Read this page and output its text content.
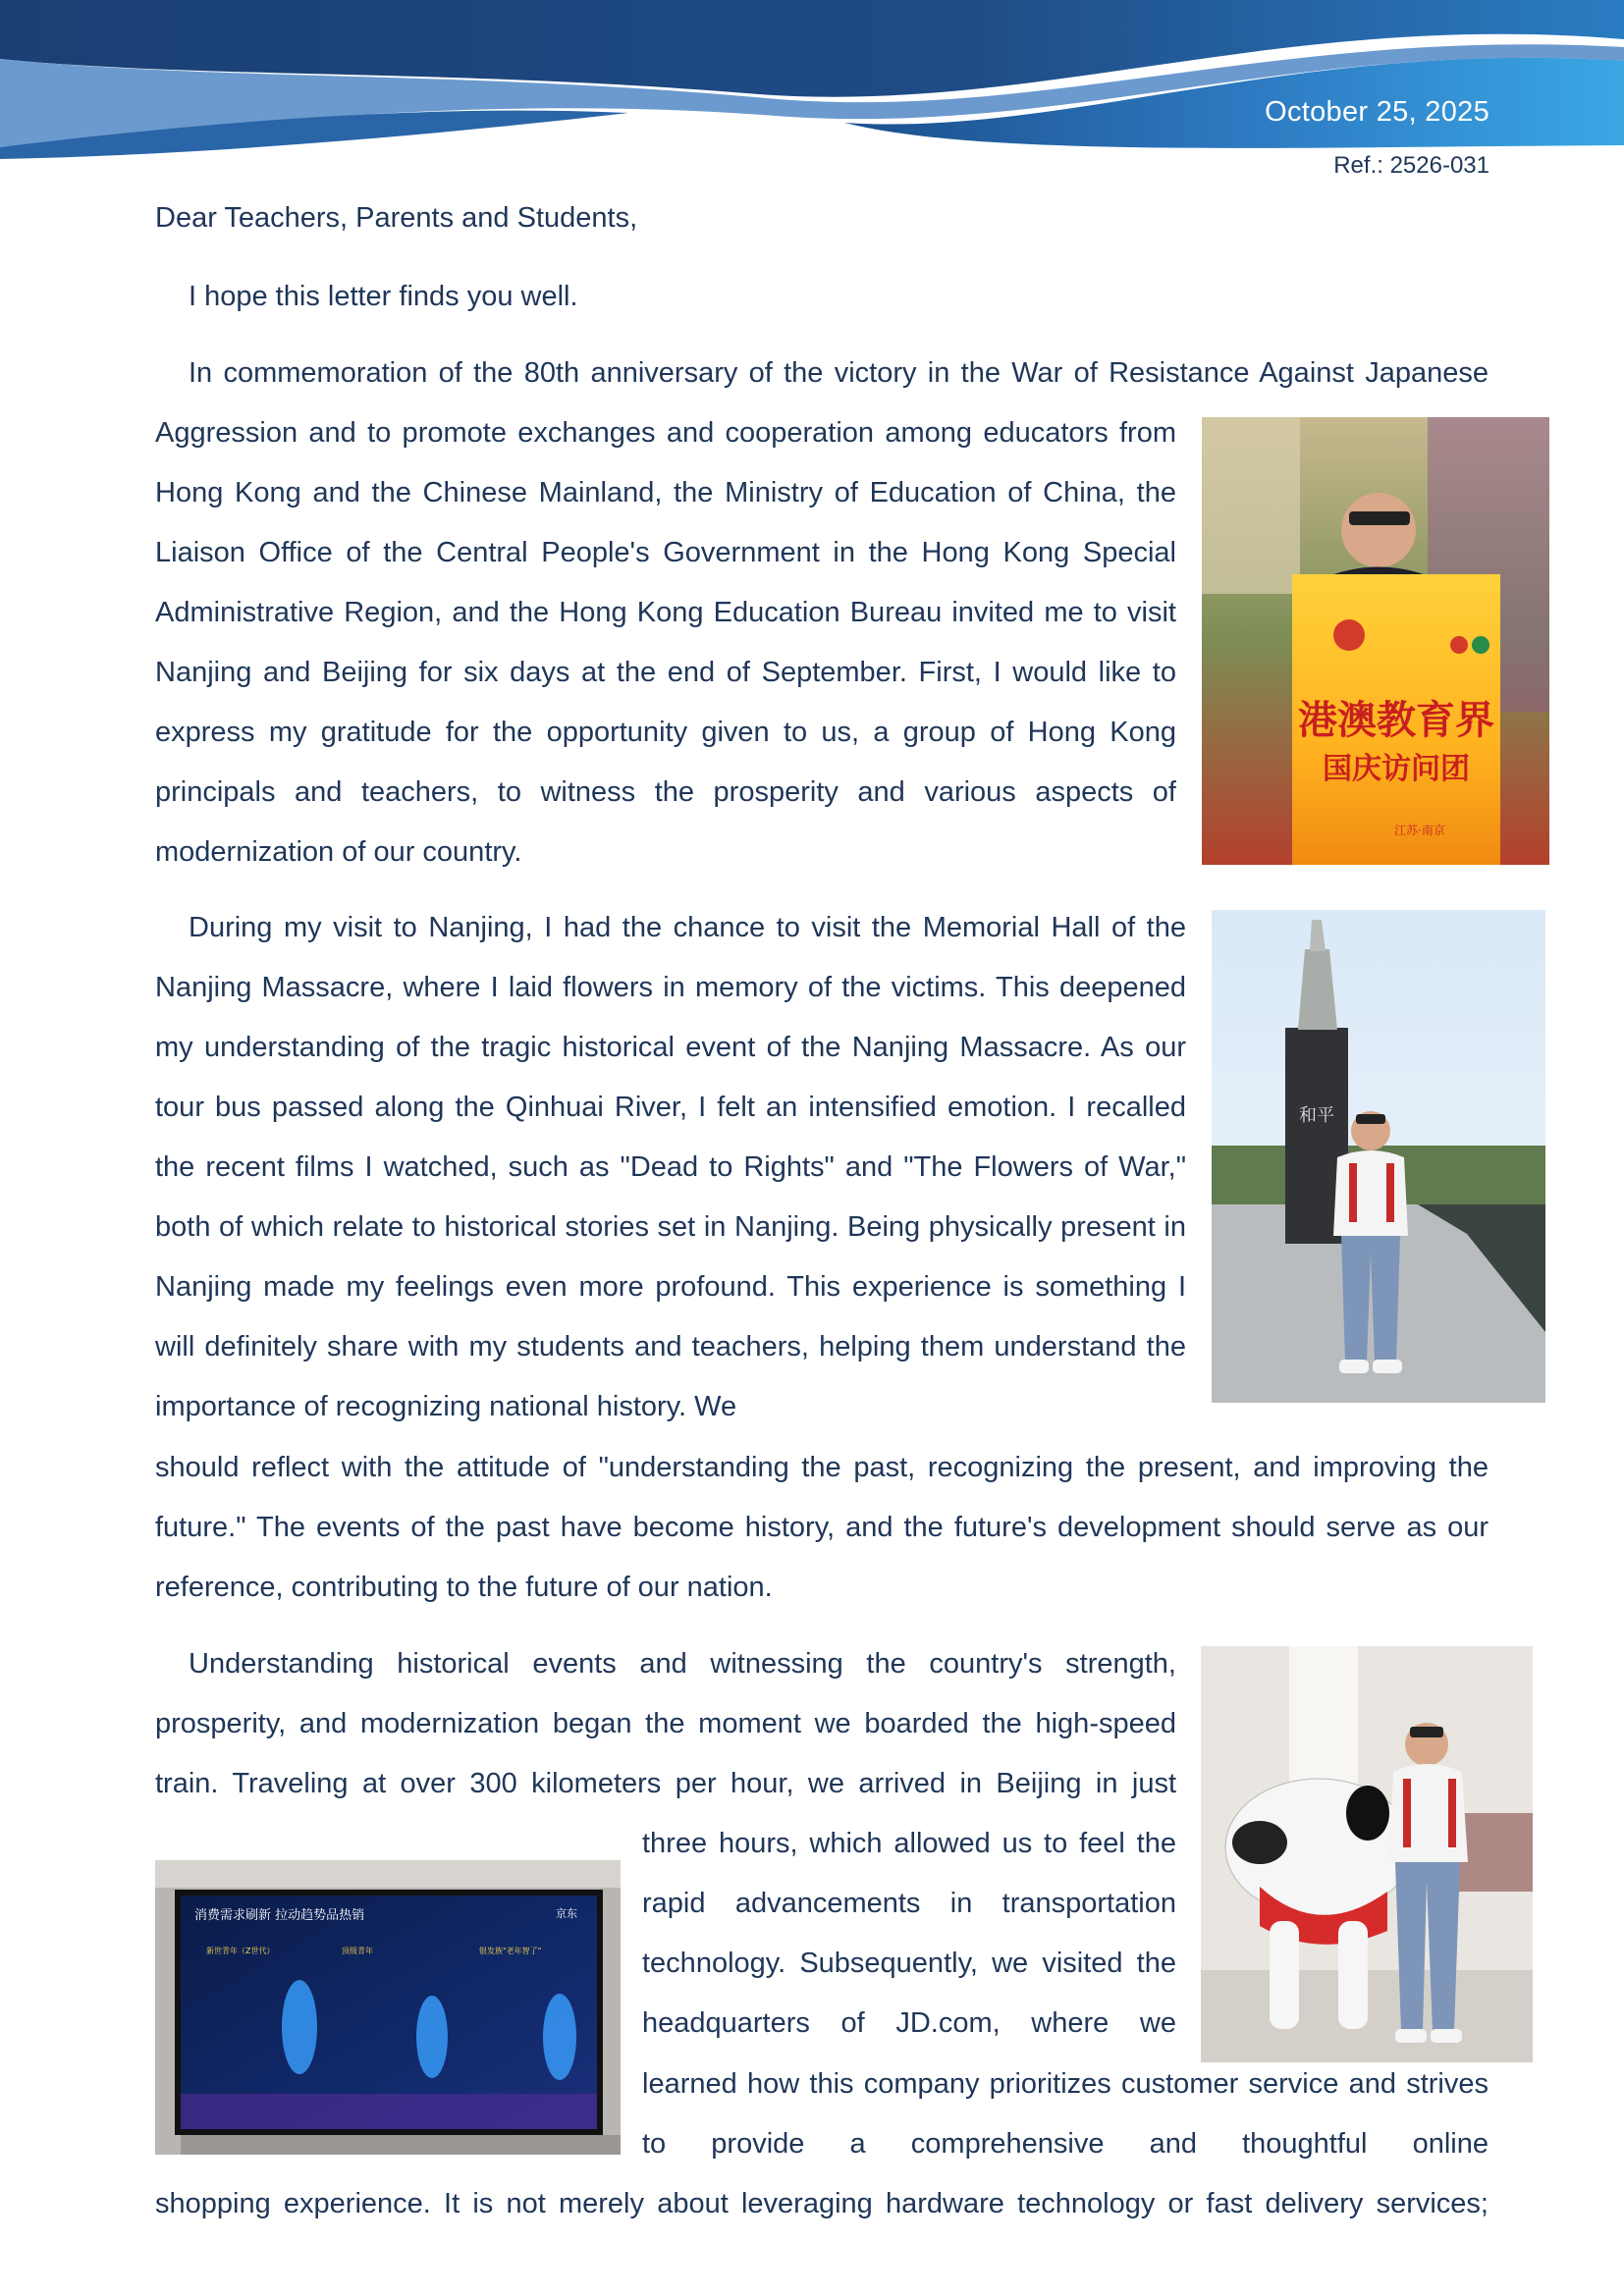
October 25, 2025
Ref.: 2526-031
Dear Teachers, Parents and Students,

I hope this letter finds you well.

In commemoration of the 80th anniversary of the victory in the War of Resistance Against Japanese

Aggression and to promote exchanges and cooperation among educators from Hong Kong and the Chinese Mainland, the Ministry of Education of China, the Liaison Office of the Central People's Government in the Hong Kong Special Administrative Region, and the Hong Kong Education Bureau invited me to visit Nanjing and Beijing for six days at the end of September. First, I would like to express my gratitude for the opportunity given to us, a group of Hong Kong principals and teachers, to witness the prosperity and various aspects of modernization of our country.

港澳教育界
国庆访问团
江苏·南京

During my visit to Nanjing, I had the chance to visit the Memorial Hall of the Nanjing Massacre, where I laid flowers in memory of the victims. This deepened my understanding of the tragic historical event of the Nanjing Massacre. As our tour bus passed along the Qinhuai River, I felt an intensified emotion. I recalled the recent films I watched, such as "Dead to Rights" and "The Flowers of War," both of which relate to historical stories set in Nanjing. Being physically present in Nanjing made my feelings even more profound. This experience is something I will definitely share with my students and teachers, helping them understand the importance of recognizing national history. We

和平

should reflect with the attitude of "understanding the past, recognizing the present, and improving the future." The events of the past have become history, and the future's development should serve as our reference, contributing to the future of our nation.

Understanding historical events and witnessing the country's strength, prosperity, and modernization began the moment we boarded the high-speed train. Traveling at over 300 kilometers per hour, we arrived in Beijing in just

消费需求刷新 拉动趋势品热销	京东
新世青年（Z世代）	顶级青年	银发族"老年智了"

three hours, which allowed us to feel the rapid advancements in transportation technology. Subsequently, we visited the headquarters of JD.com, where we

learned how this company prioritizes customer service and strives to provide a comprehensive and thoughtful online

shopping experience. It is not merely about leveraging hardware technology or fast delivery services;
